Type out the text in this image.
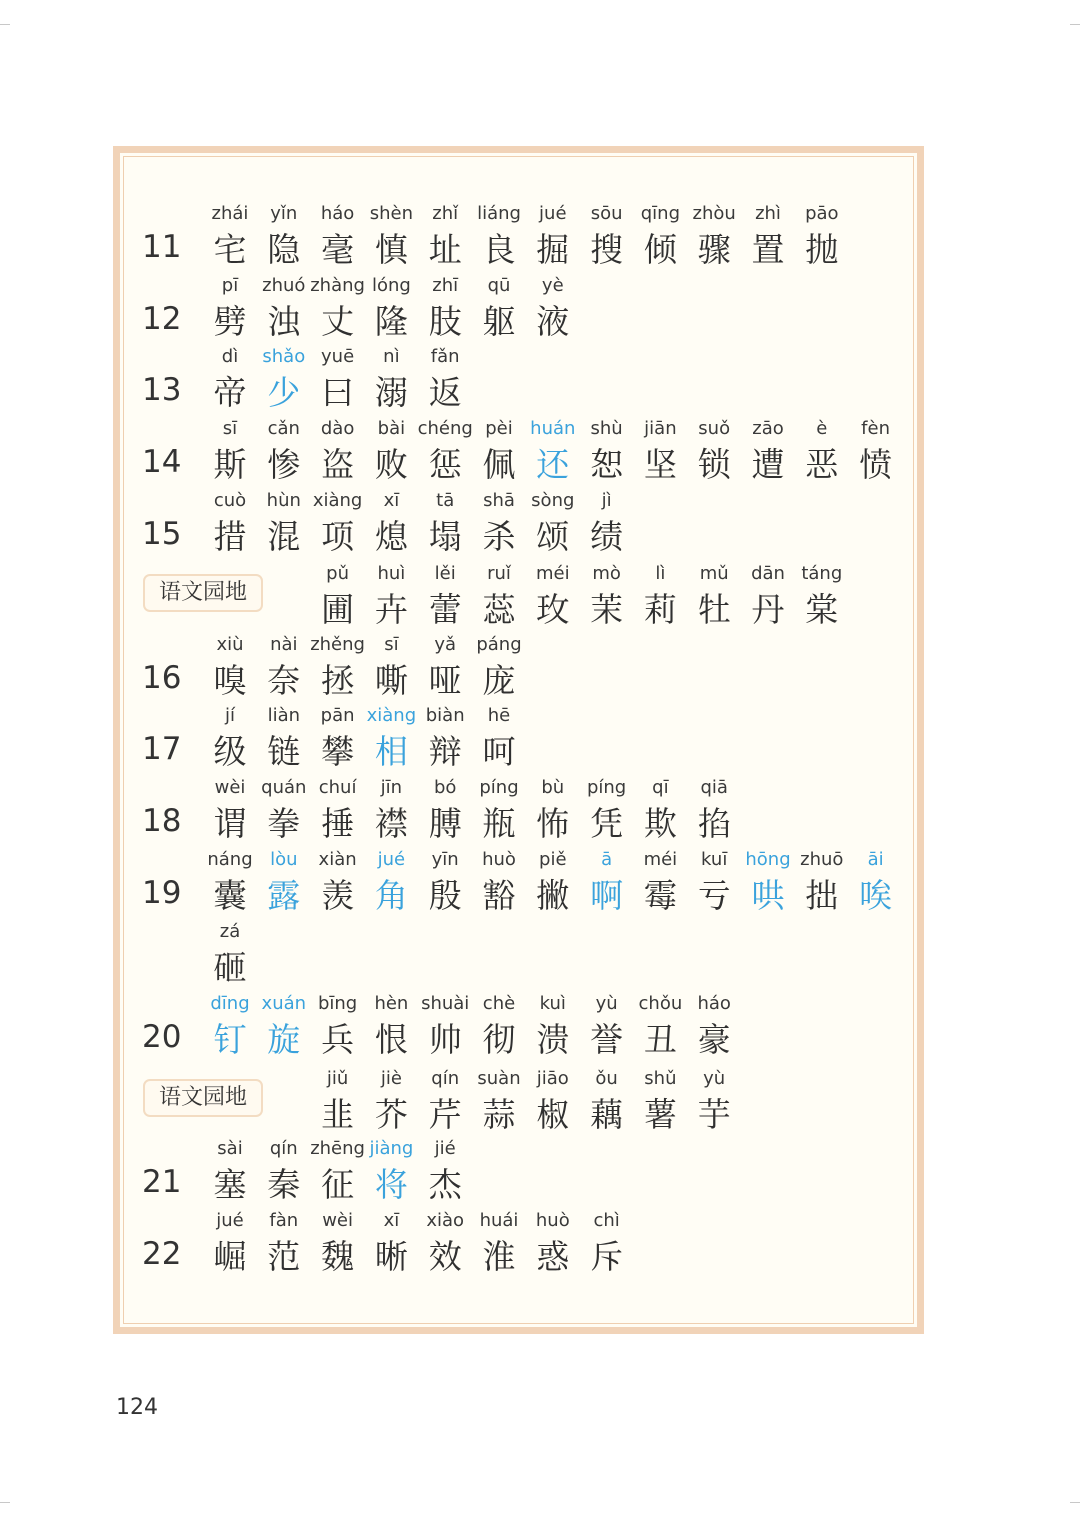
11
zhái
宅
yǐn
隐
háo
毫
shèn
慎
zhǐ
址
liáng
良
jué
掘
sōu
搜
qīng
倾
zhòu
骤
zhì
置
pāo
抛
12
pī
劈
zhuó
浊
zhàng
丈
lóng
隆
zhī
肢
qū
躯
yè
液
13
dì
帝
shǎo
少
yuē
曰
nì
溺
fǎn
返
14
sī
斯
cǎn
惨
dào
盗
bài
败
chéng
惩
pèi
佩
huán
还
shù
恕
jiān
坚
suǒ
锁
zāo
遭
è
恶
fèn
愤
15
cuò
措
hùn
混
xiàng
项
xī
熄
tā
塌
shā
杀
sòng
颂
jì
绩
语文园地
pǔ
圃
huì
卉
lěi
蕾
ruǐ
蕊
méi
玫
mò
茉
lì
莉
mǔ
牡
dān
丹
táng
棠
16
xiù
嗅
nài
奈
zhěng
拯
sī
嘶
yǎ
哑
páng
庞
17
jí
级
liàn
链
pān
攀
xiàng
相
biàn
辩
hē
呵
18
wèi
谓
quán
拳
chuí
捶
jīn
襟
bó
膊
píng
瓶
bù
怖
píng
凭
qī
欺
qiā
掐
19
náng
囊
lòu
露
xiàn
羡
jué
角
yīn
殷
huò
豁
piě
撇
ā
啊
méi
霉
kuī
亏
hōng
哄
zhuō
拙
āi
唉
zá
砸
20
dīng
钉
xuán
旋
bīng
兵
hèn
恨
shuài
帅
chè
彻
kuì
溃
yù
誉
chǒu
丑
háo
豪
语文园地
jiǔ
韭
jiè
芥
qín
芹
suàn
蒜
jiāo
椒
ǒu
藕
shǔ
薯
yù
芋
21
sài
塞
qín
秦
zhēng
征
jiàng
将
jié
杰
22
jué
崛
fàn
范
wèi
魏
xī
晰
xiào
效
huái
淮
huò
惑
chì
斥
124
